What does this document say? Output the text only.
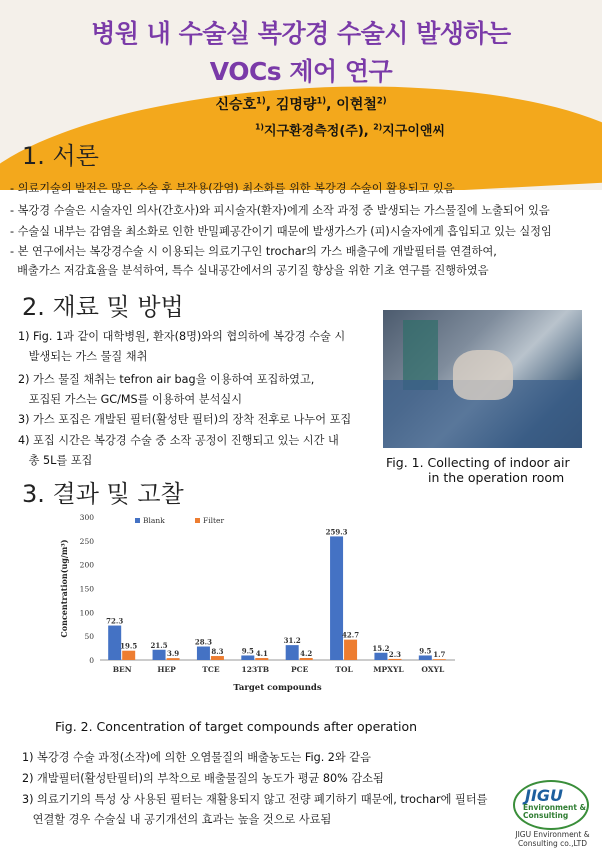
병원 내 수술실 복강경 수술시 발생하는
VOCs 제어 연구
신승호$^{1)}$, 김명량$^{1)}$, 이현철$^{2)}$
$^{1)}$지구환경측정(주), $^{2)}$지구이앤씨
1. 서론
- 의료기술의 발전은 많은 수술 후 부작용(감염) 최소화를 위한 복강경 수술이 활용되고 있음
- 복강경 수술은 시술자인 의사(간호사)와 피시술자(환자)에게 소작 과정 중 발생되는 가스물질에 노출되어 있음
- 수술실 내부는 감염을 최소화로 인한 반밀폐공간이기 때문에 발생가스가 (피)시술자에게 흡입되고 있는 실정임
- 본 연구에서는 복강경수술 시 이용되는 의료기구인 trochar의 가스 배출구에 개발필터를 연결하여,
배출가스 저감효율을 분석하여, 특수 실내공간에서의 공기질 향상을 위한 기초 연구를 진행하였음
2. 재료 및 방법
1) Fig. 1과 같이 대학병원, 환자(8명)와의 협의하에 복강경 수술 시
발생되는 가스 물질 채취
2) 가스 물질 채취는 tefron air bag을 이용하여 포집하였고,
포집된 가스는 GC/MS를 이용하여 분석실시
3) 가스 포집은 개발된 필터(활성탄 필터)의 장착 전후로 나누어 포집
4) 포집 시간은 복강경 수술 중 소작 공정이 진행되고 있는 시간 내
총 5L를 포집	Fig. 1. Collecting of indoor air
in the operation room
3. 결과 및 고찰
0
50
100
150
200
250
300
Concentration(ug/m³)
Target compounds
72.3
19.5
BEN
21.5
3.9
HEP
28.3
8.3
TCE
9.5 4.1
123TB
31.2
4.2
PCE
259.3
42.7
TOL
15.2
2.3
MPXYL
9.5 1.7
OXYL
Blank	Filter
Fig. 2. Concentration of target compounds after operation
1) 복강경 수술 과정(소작)에 의한 오염물질의 배출농도는 Fig. 2와 같음
2) 개발필터(활성탄필터)의 부착으로 배출물질의 농도가 평균 80% 감소됨
3) 의료기기의 특성 상 사용된 필터는 재활용되지 않고 전량 폐기하기 때문에, trochar에 필터를
연결할 경우 수술실 내 공기개선의 효과는 높을 것으로 사료됨
JIGU
Environment &
Consulting
JIGU Environment &
Consulting co.,LTD
